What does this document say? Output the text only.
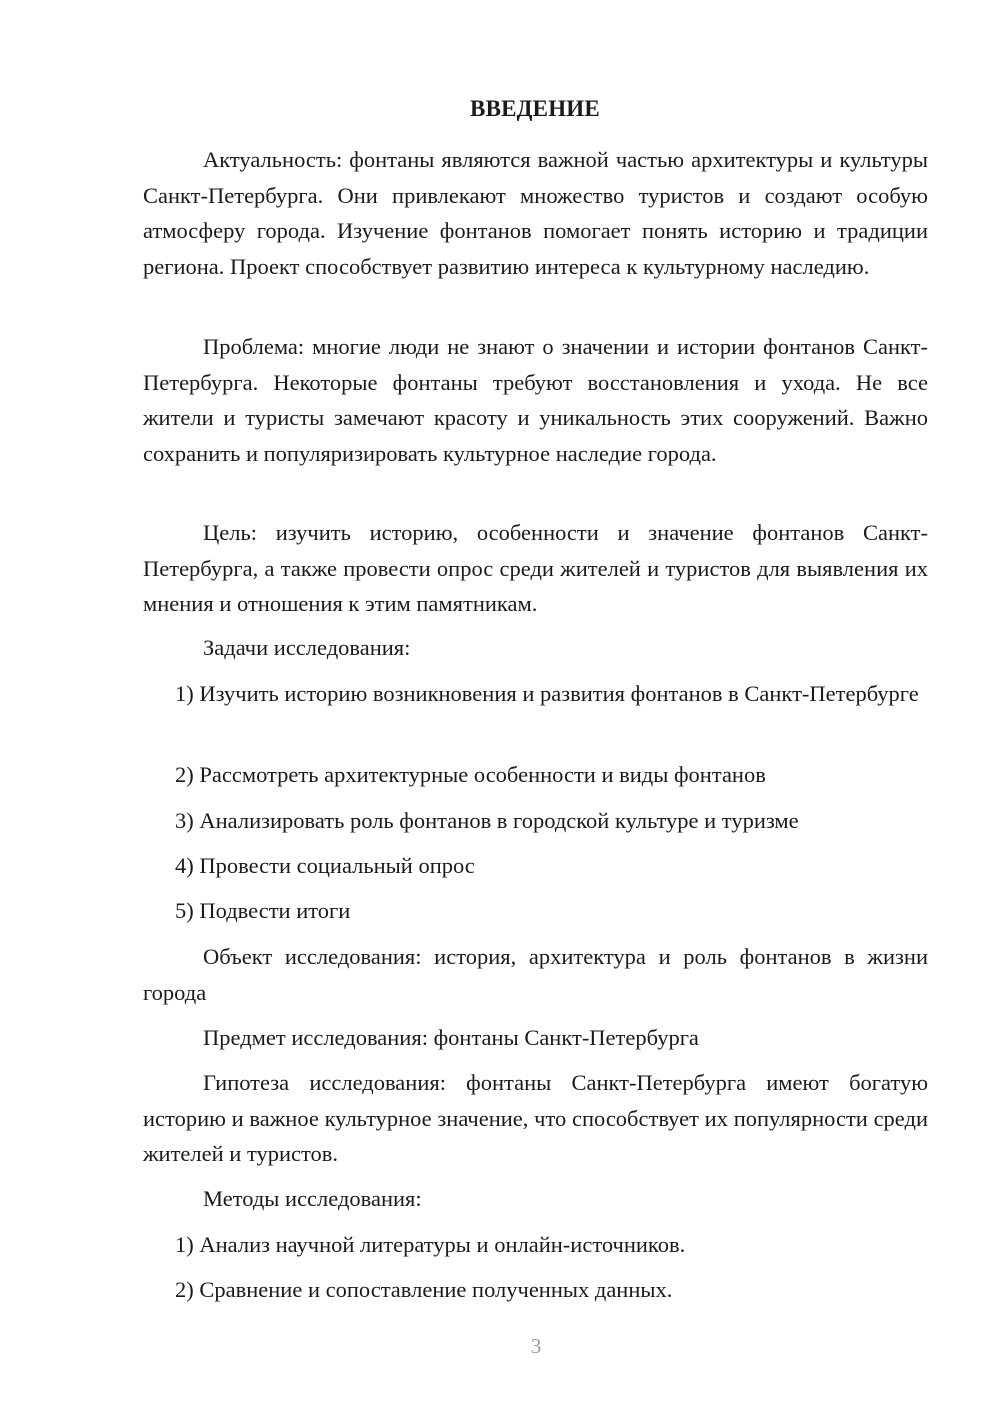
ВВЕДЕНИЕ

Актуальность: фонтаны являются важной частью архитектуры и культуры Санкт-Петербурга. Они привлекают множество туристов и создают особую атмосферу города. Изучение фонтанов помогает понять историю и традиции региона. Проект способствует развитию интереса к культурному наследию.

Проблема: многие люди не знают о значении и истории фонтанов Санкт-Петербурга. Некоторые фонтаны требуют восстановления и ухода. Не все жители и туристы замечают красоту и уникальность этих сооружений. Важно сохранить и популяризировать культурное наследие города.

Цель: изучить историю, особенности и значение фонтанов Санкт-Петербурга, а также провести опрос среди жителей и туристов для выявления их мнения и отношения к этим памятникам.

Задачи исследования:

1) Изучить историю возникновения и развития фонтанов в Санкт-Петербурге

2) Рассмотреть архитектурные особенности и виды фонтанов

3) Анализировать роль фонтанов в городской культуре и туризме

4) Провести социальный опрос

5) Подвести итоги

Объект исследования: история, архитектура и роль фонтанов в жизни города

Предмет исследования: фонтаны Санкт-Петербурга

Гипотеза исследования: фонтаны Санкт-Петербурга имеют богатую историю и важное культурное значение, что способствует их популярности среди жителей и туристов.

Методы исследования:

1) Анализ научной литературы и онлайн-источников.

2) Сравнение и сопоставление полученных данных.

3
